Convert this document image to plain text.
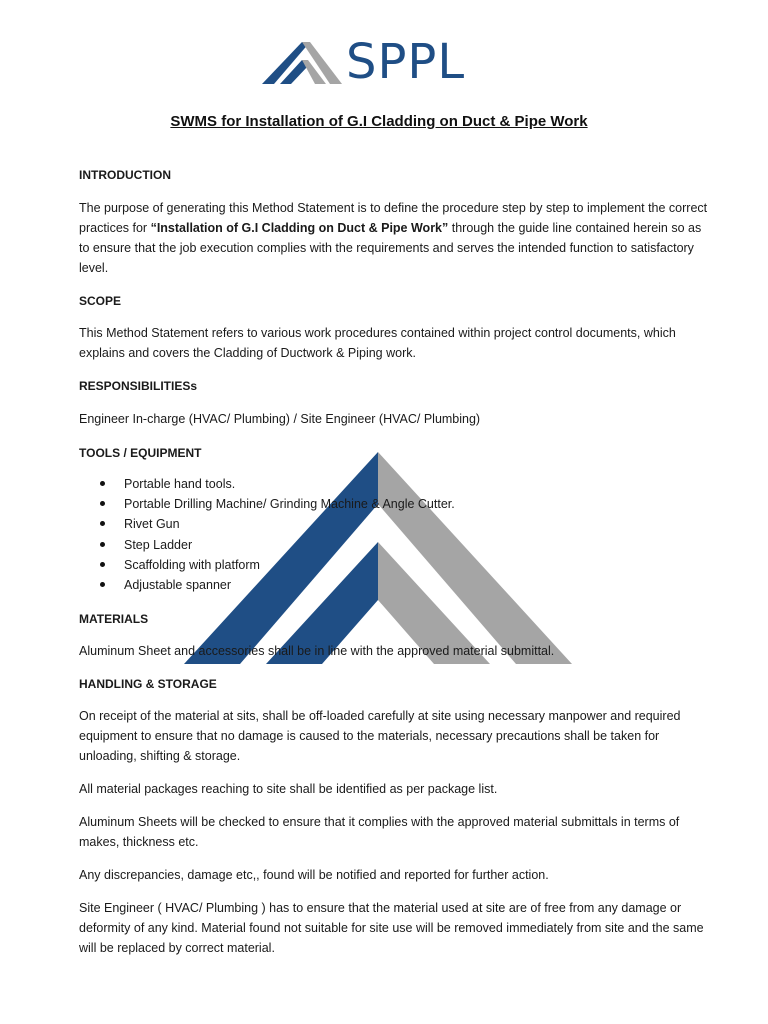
SPPL
SWMS for Installation of G.I Cladding on Duct & Pipe Work
INTRODUCTION
The purpose of generating this Method Statement is to define the procedure step by step to implement the correct practices for “Installation of G.I Cladding on Duct & Pipe Work” through the guide line contained herein so as to ensure that the job execution complies with the requirements and serves the intended function to satisfactory level.
SCOPE
This Method Statement refers to various work procedures contained within project control documents, which explains and covers the Cladding of Ductwork & Piping work.
RESPONSIBILITIESs
Engineer In-charge (HVAC/ Plumbing) / Site Engineer (HVAC/ Plumbing)
TOOLS / EQUIPMENT
Portable hand tools.
Portable Drilling Machine/ Grinding Machine & Angle Cutter.
Rivet Gun
Step Ladder
Scaffolding with platform
Adjustable spanner
MATERIALS
Aluminum Sheet and accessories shall be in line with the approved material submittal.
HANDLING & STORAGE
On receipt of the material at sits, shall be off-loaded carefully at site using necessary manpower and required equipment to ensure that no damage is caused to the materials, necessary precautions shall be taken for unloading, shifting & storage.
All material packages reaching to site shall be identified as per package list.
Aluminum Sheets will be checked to ensure that it complies with the approved material submittals in terms of makes, thickness etc.
Any discrepancies, damage etc,, found will be notified and reported for further action.
Site Engineer ( HVAC/ Plumbing ) has to ensure that the material used at site are of free from any damage or deformity of any kind. Material found not suitable for site use will be removed immediately from site and the same will be replaced by correct material.
